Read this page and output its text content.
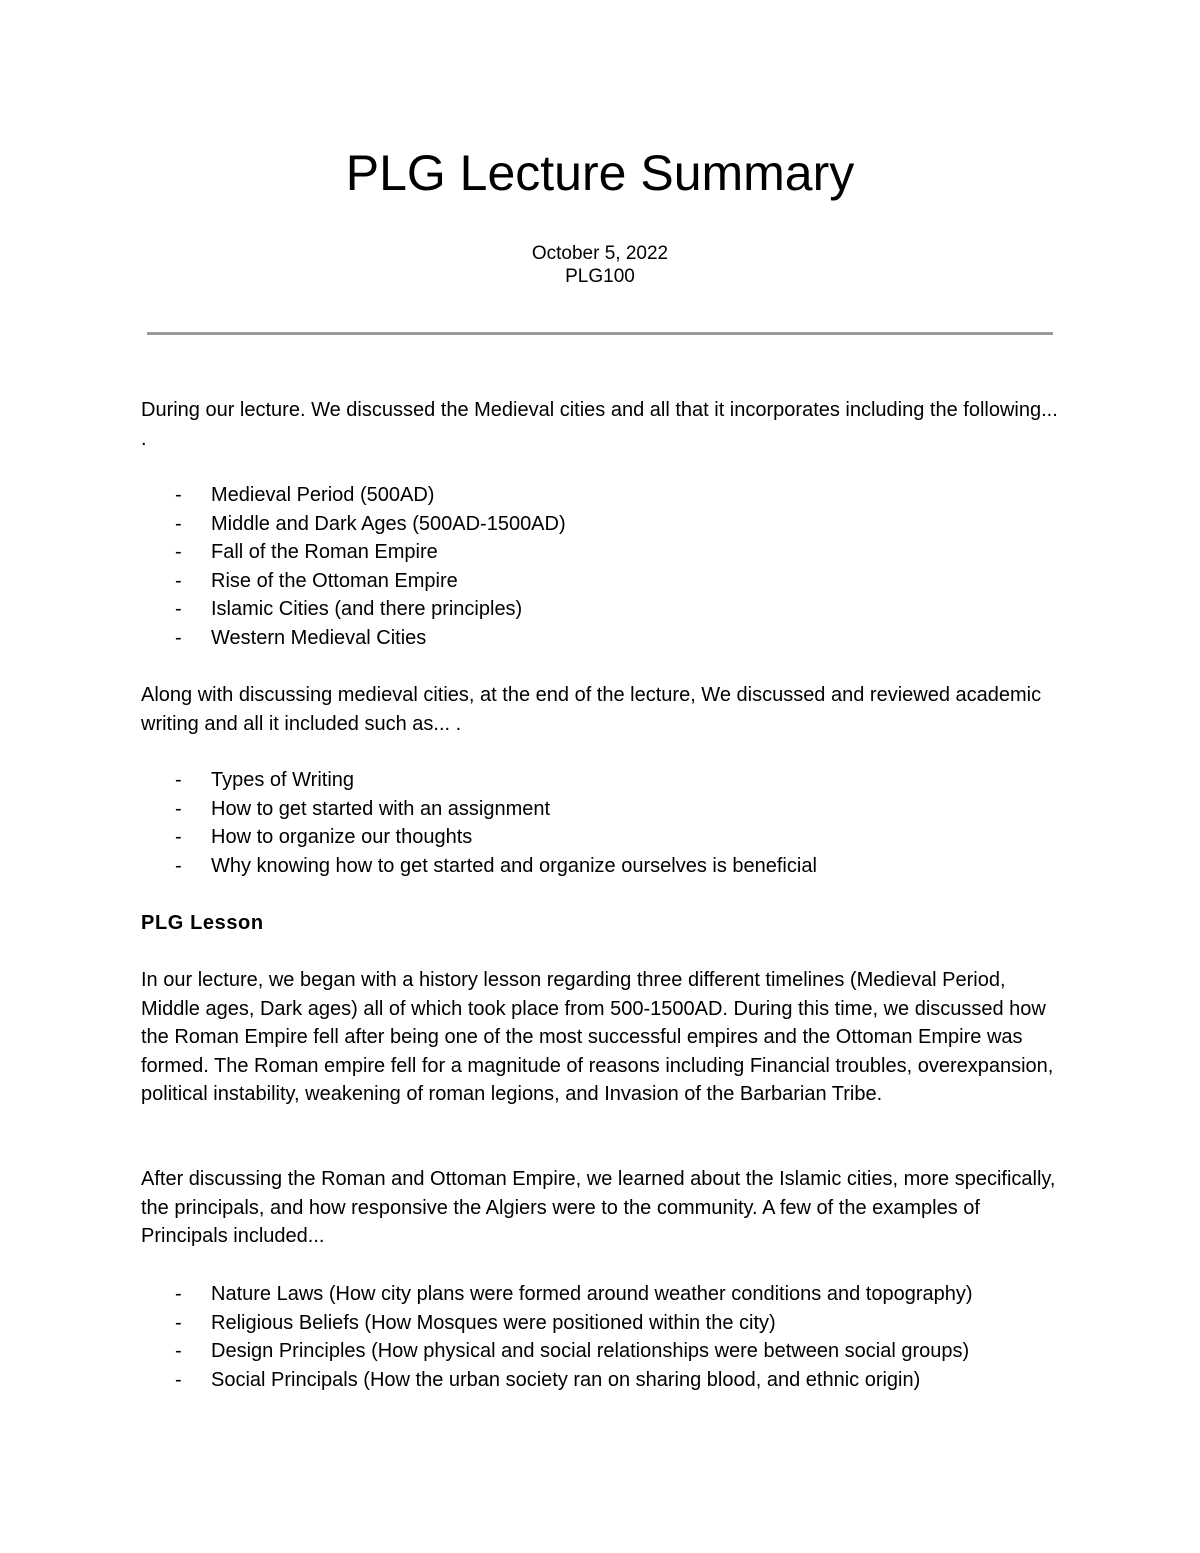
PLG Lecture Summary
October 5, 2022
PLG100

During our lecture. We discussed the Medieval cities and all that it incorporates including the following... .

- Medieval Period (500AD)
- Middle and Dark Ages (500AD-1500AD)
- Fall of the Roman Empire
- Rise of the Ottoman Empire
- Islamic Cities (and there principles)
- Western Medieval Cities

Along with discussing medieval cities, at the end of the lecture, We discussed and reviewed academic writing and all it included such as... .

- Types of Writing
- How to get started with an assignment
- How to organize our thoughts
- Why knowing how to get started and organize ourselves is beneficial

PLG Lesson

In our lecture, we began with a history lesson regarding three different timelines (Medieval Period, Middle ages, Dark ages) all of which took place from 500-1500AD. During this time, we discussed how the Roman Empire fell after being one of the most successful empires and the Ottoman Empire was formed. The Roman empire fell for a magnitude of reasons including Financial troubles, overexpansion, political instability, weakening of roman legions, and Invasion of the Barbarian Tribe.

After discussing the Roman and Ottoman Empire, we learned about the Islamic cities, more specifically, the principals, and how responsive the Algiers were to the community. A few of the examples of Principals included...

- Nature Laws (How city plans were formed around weather conditions and topography)
- Religious Beliefs (How Mosques were positioned within the city)
- Design Principles (How physical and social relationships were between social groups)
- Social Principals (How the urban society ran on sharing blood, and ethnic origin)
